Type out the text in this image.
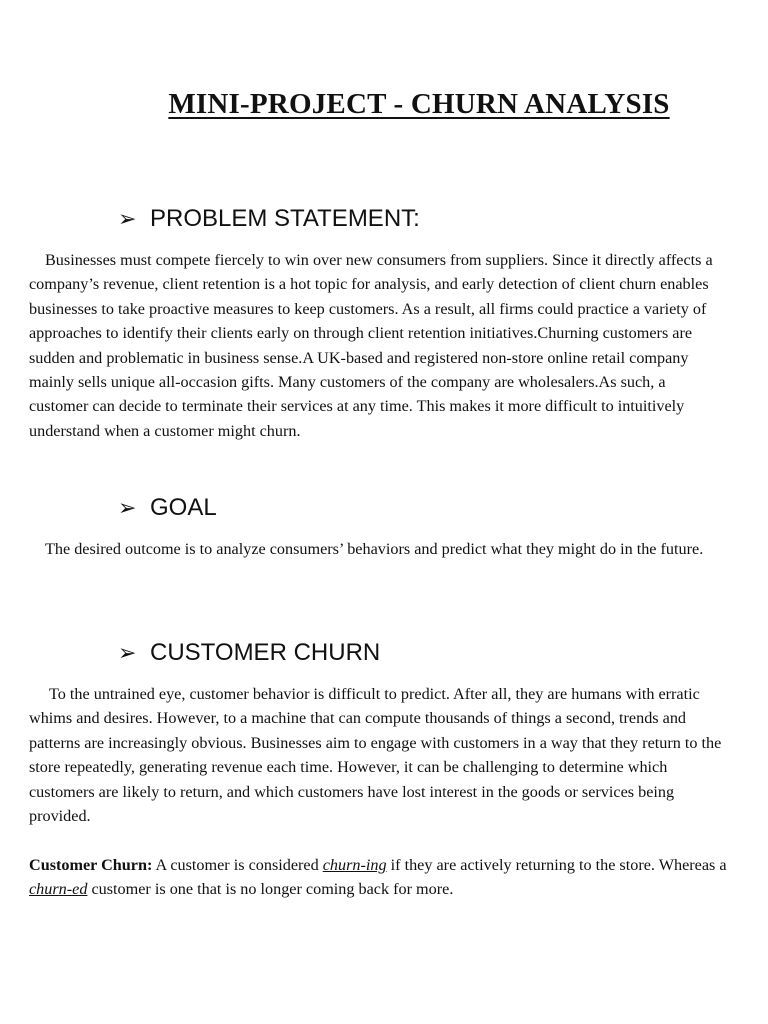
MINI-PROJECT - CHURN ANALYSIS
➢ PROBLEM STATEMENT:
Businesses must compete fiercely to win over new consumers from suppliers. Since it directly affects a company’s revenue, client retention is a hot topic for analysis, and early detection of client churn enables businesses to take proactive measures to keep customers. As a result, all firms could practice a variety of approaches to identify their clients early on through client retention initiatives.Churning customers are sudden and problematic in business sense.A UK-based and registered non-store online retail company mainly sells unique all-occasion gifts. Many customers of the company are wholesalers.As such, a customer can decide to terminate their services at any time. This makes it more difficult to intuitively understand when a customer might churn.
➢ GOAL
The desired outcome is to analyze consumers’ behaviors and predict what they might do in the future.
➢ CUSTOMER CHURN
To the untrained eye, customer behavior is difficult to predict. After all, they are humans with erratic whims and desires. However, to a machine that can compute thousands of things a second, trends and patterns are increasingly obvious. Businesses aim to engage with customers in a way that they return to the store repeatedly, generating revenue each time. However, it can be challenging to determine which customers are likely to return, and which customers have lost interest in the goods or services being provided.
Customer Churn: A customer is considered churn-ing if they are actively returning to the store. Whereas a churn-ed customer is one that is no longer coming back for more.
